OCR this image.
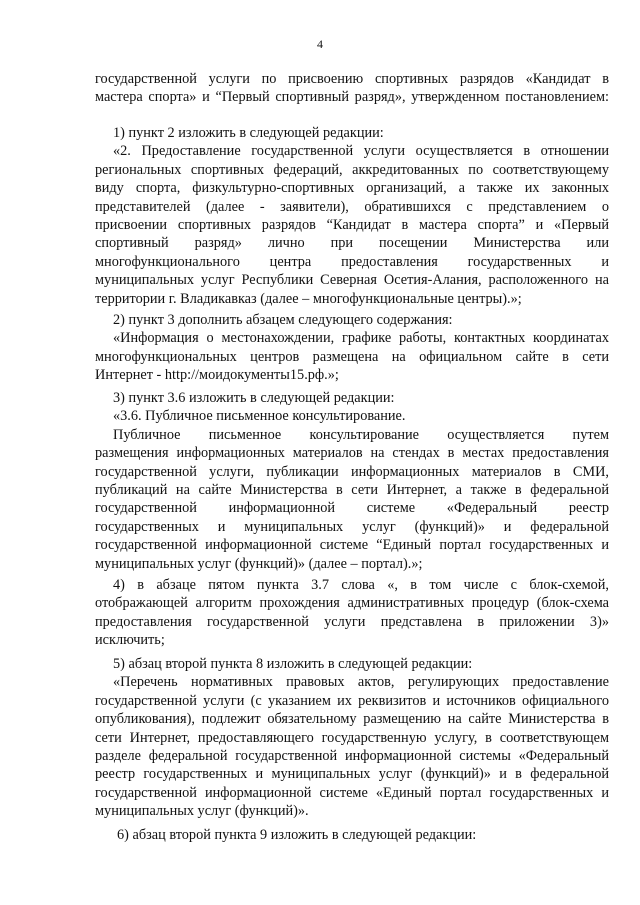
4
государственной услуги по присвоению спортивных разрядов «Кандидат в
мастера спорта» и “Первый спортивный разряд», утвержденном постановлением:
1) пункт 2 изложить в следующей редакции:
«2. Предоставление государственной услуги осуществляется в отношении
региональных спортивных федераций, аккредитованных по соответствующему
виду спорта, физкультурно-спортивных организаций, а также их законных
представителей (далее - заявители), обратившихся с представлением о
присвоении спортивных разрядов “Кандидат в мастера спорта” и «Первый
спортивный разряд» лично при посещении Министерства или
многофункционального центра предоставления государственных и
муниципальных услуг Республики Северная Осетия-Алания, расположенного на
территории г. Владикавказ (далее – многофункциональные центры).»;
2) пункт 3 дополнить абзацем следующего содержания:
«Информация о местонахождении, графике работы, контактных координатах
многофункциональных центров размещена на официальном сайте в сети
Интернет - http://моидокументы15.рф.»;
3) пункт 3.6 изложить в следующей редакции:
«3.6. Публичное письменное консультирование.
Публичное письменное консультирование осуществляется путем
размещения информационных материалов на стендах в местах предоставления
государственной услуги, публикации информационных материалов в СМИ,
публикаций на сайте Министерства в сети Интернет, а также в федеральной
государственной информационной системе «Федеральный реестр
государственных и муниципальных услуг (функций)» и федеральной
государственной информационной системе “Единый портал государственных и
муниципальных услуг (функций)» (далее – портал).»;
4) в абзаце пятом пункта 3.7 слова «, в том числе с блок-схемой,
отображающей алгоритм прохождения административных процедур (блок-схема
предоставления государственной услуги представлена в приложении 3)»
исключить;
5) абзац второй пункта 8 изложить в следующей редакции:
«Перечень нормативных правовых актов, регулирующих предоставление
государственной услуги (с указанием их реквизитов и источников официального
опубликования), подлежит обязательному размещению на сайте Министерства в
сети Интернет, предоставляющего государственную услугу, в соответствующем
разделе федеральной государственной информационной системы «Федеральный
реестр государственных и муниципальных услуг (функций)» и в федеральной
государственной информационной системе «Единый портал государственных и
муниципальных услуг (функций)».
6) абзац второй пункта 9 изложить в следующей редакции:
